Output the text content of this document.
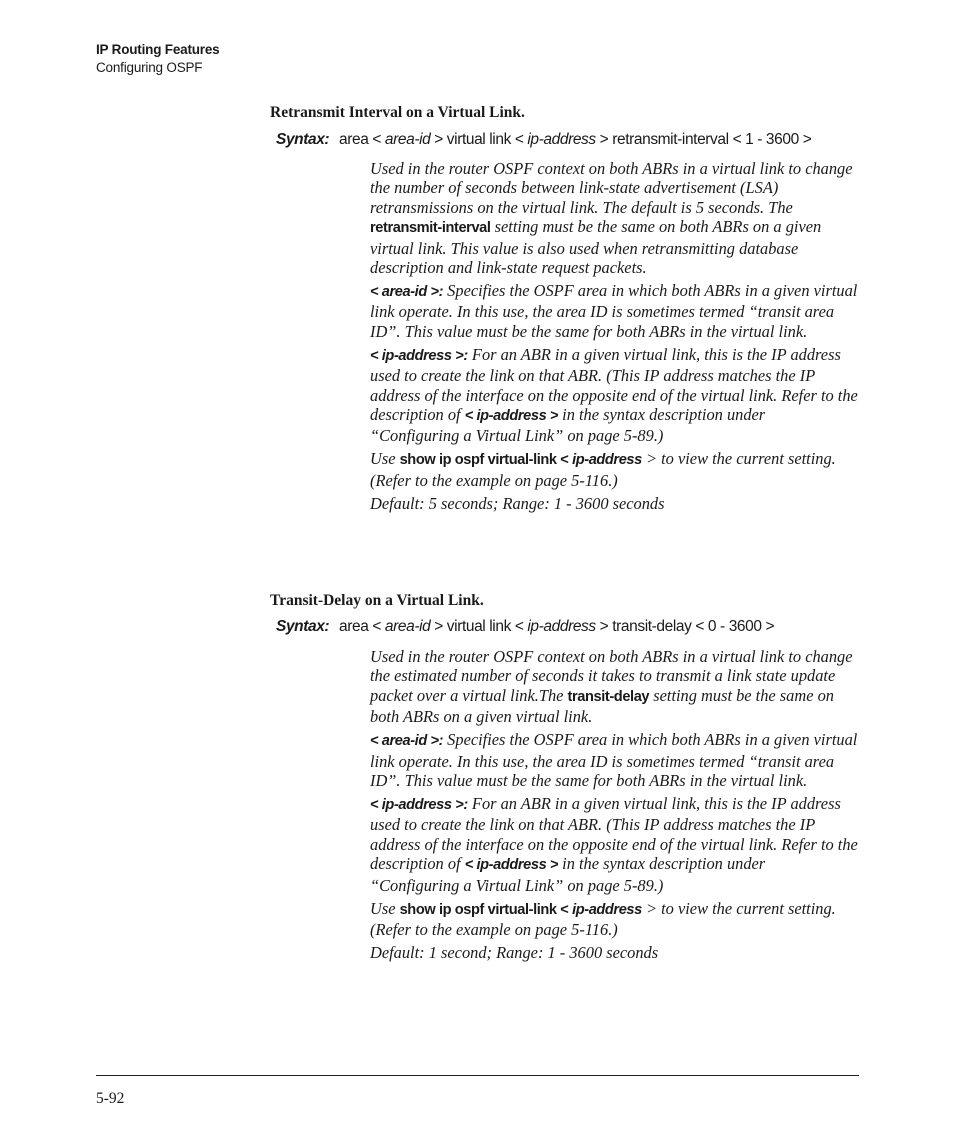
IP Routing Features
Configuring OSPF
Retransmit Interval on a Virtual Link.
Syntax: area < area-id > virtual link < ip-address > retransmit-interval < 1 - 3600 >

Used in the router OSPF context on both ABRs in a virtual link to change the number of seconds between link-state advertisement (LSA) retransmissions on the virtual link. The default is 5 seconds. The retransmit-interval setting must be the same on both ABRs on a given virtual link. This value is also used when retransmitting database description and link-state request packets.

< area-id >: Specifies the OSPF area in which both ABRs in a given virtual link operate. In this use, the area ID is sometimes termed “transit area ID”. This value must be the same for both ABRs in the virtual link.

< ip-address >: For an ABR in a given virtual link, this is the IP address used to create the link on that ABR. (This IP address matches the IP address of the interface on the opposite end of the virtual link. Refer to the description of < ip-address > in the syntax description under “Configuring a Virtual Link” on page 5-89.)

Use show ip ospf virtual-link < ip-address > to view the current setting. (Refer to the example on page 5-116.)

Default: 5 seconds; Range: 1 - 3600 seconds

Transit-Delay on a Virtual Link.
Syntax: area < area-id > virtual link < ip-address > transit-delay < 0 - 3600 >

Used in the router OSPF context on both ABRs in a virtual link to change the estimated number of seconds it takes to transmit a link state update packet over a virtual link.The transit-delay setting must be the same on both ABRs on a given virtual link.

< area-id >: Specifies the OSPF area in which both ABRs in a given virtual link operate. In this use, the area ID is sometimes termed “transit area ID”. This value must be the same for both ABRs in the virtual link.

< ip-address >: For an ABR in a given virtual link, this is the IP address used to create the link on that ABR. (This IP address matches the IP address of the interface on the opposite end of the virtual link. Refer to the description of < ip-address > in the syntax description under “Configuring a Virtual Link” on page 5-89.)

Use show ip ospf virtual-link < ip-address > to view the current setting. (Refer to the example on page 5-116.)

Default: 1 second; Range: 1 - 3600 seconds

5-92
